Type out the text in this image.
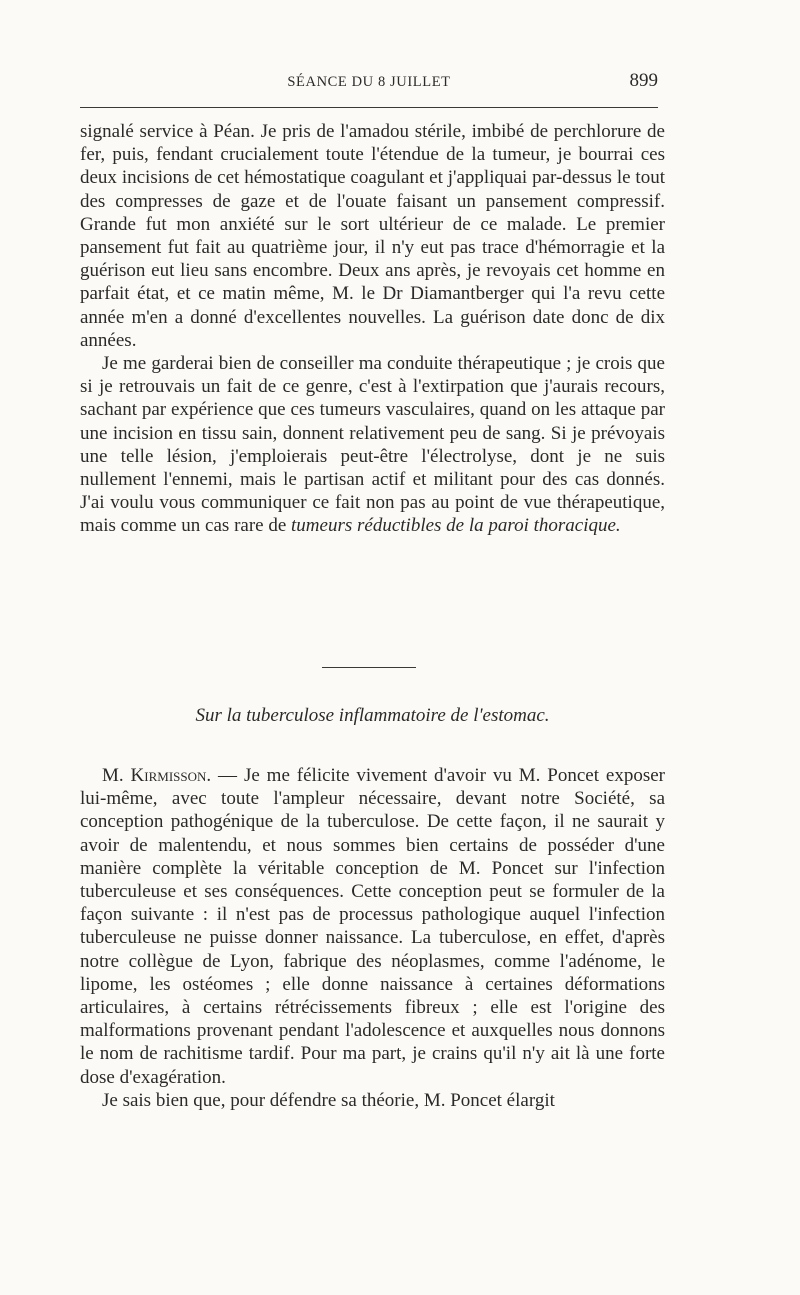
SÉANCE DU 8 JUILLET	899

signalé service à Péan. Je pris de l'amadou stérile, imbibé de perchlorure de fer, puis, fendant crucialement toute l'étendue de la tumeur, je bourrai ces deux incisions de cet hémostatique coagulant et j'appliquai par-dessus le tout des compresses de gaze et de l'ouate faisant un pansement compressif. Grande fut mon anxiété sur le sort ultérieur de ce malade. Le premier pansement fut fait au quatrième jour, il n'y eut pas trace d'hémorragie et la guérison eut lieu sans encombre. Deux ans après, je revoyais cet homme en parfait état, et ce matin même, M. le Dr Diamantberger qui l'a revu cette année m'en a donné d'excellentes nouvelles. La guérison date donc de dix années.

Je me garderai bien de conseiller ma conduite thérapeutique ; je crois que si je retrouvais un fait de ce genre, c'est à l'extirpation que j'aurais recours, sachant par expérience que ces tumeurs vasculaires, quand on les attaque par une incision en tissu sain, donnent relativement peu de sang. Si je prévoyais une telle lésion, j'emploierais peut-être l'électrolyse, dont je ne suis nullement l'ennemi, mais le partisan actif et militant pour des cas donnés. J'ai voulu vous communiquer ce fait non pas au point de vue thérapeutique, mais comme un cas rare de tumeurs réductibles de la paroi thoracique.

Sur la tuberculose inflammatoire de l'estomac.

M. Kirmisson. — Je me félicite vivement d'avoir vu M. Poncet exposer lui-même, avec toute l'ampleur nécessaire, devant notre Société, sa conception pathogénique de la tuberculose. De cette façon, il ne saurait y avoir de malentendu, et nous sommes bien certains de posséder d'une manière complète la véritable conception de M. Poncet sur l'infection tuberculeuse et ses conséquences. Cette conception peut se formuler de la façon suivante : il n'est pas de processus pathologique auquel l'infection tuberculeuse ne puisse donner naissance. La tuberculose, en effet, d'après notre collègue de Lyon, fabrique des néoplasmes, comme l'adénome, le lipome, les ostéomes ; elle donne naissance à certaines déformations articulaires, à certains rétrécissements fibreux ; elle est l'origine des malformations provenant pendant l'adolescence et auxquelles nous donnons le nom de rachitisme tardif. Pour ma part, je crains qu'il n'y ait là une forte dose d'exagération.

Je sais bien que, pour défendre sa théorie, M. Poncet élargit
